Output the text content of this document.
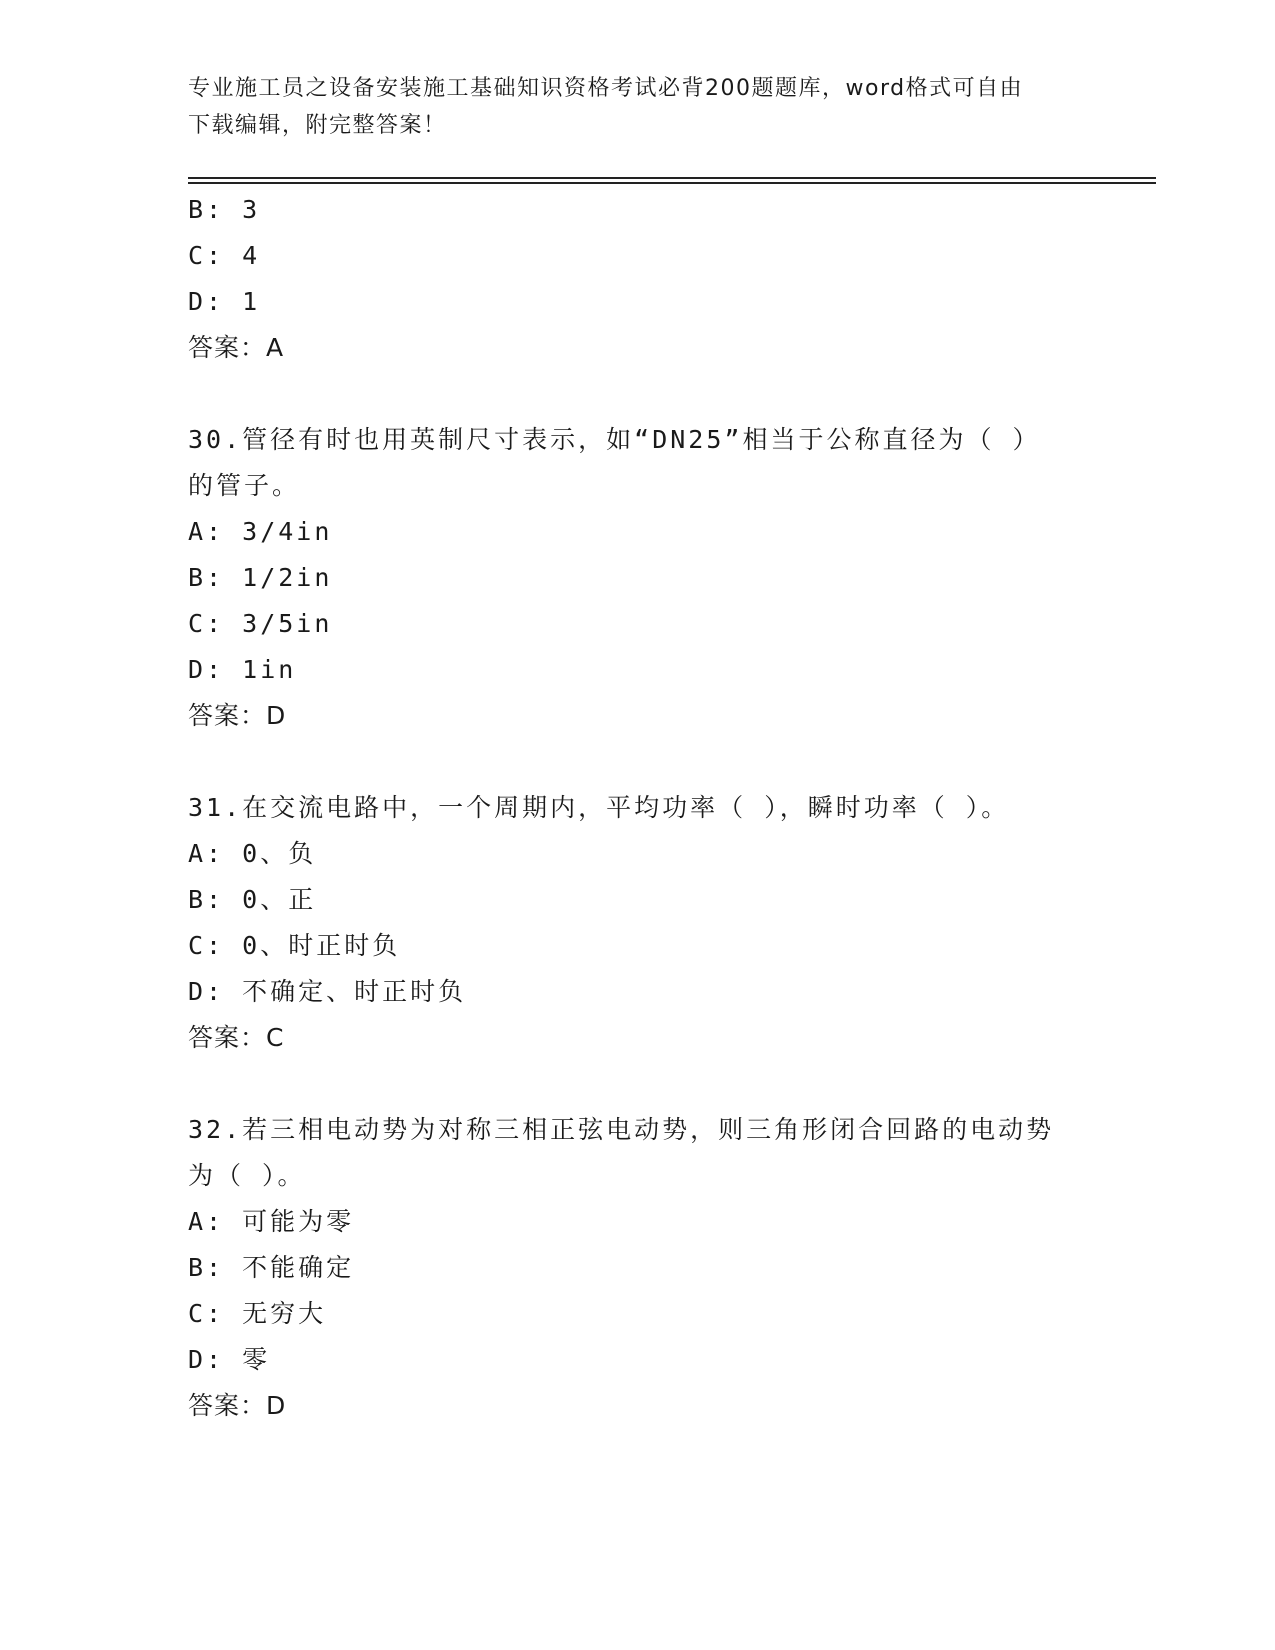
专业施工员之设备安装施工基础知识资格考试必背200题题库，word格式可自由
下载编辑，附完整答案！
B: 3
C: 4
D: 1
答案：A
30.管径有时也用英制尺寸表示，如“DN25”相当于公称直径为（ ）
的管子。
A: 3/4in
B: 1/2in
C: 3/5in
D: 1in
答案：D
31.在交流电路中，一个周期内，平均功率（ ），瞬时功率（ ）。
A: 0、负
B: 0、正
C: 0、时正时负
D: 不确定、时正时负
答案：C
32.若三相电动势为对称三相正弦电动势，则三角形闭合回路的电动势
为（ ）。
A: 可能为零
B: 不能确定
C: 无穷大
D: 零
答案：D
